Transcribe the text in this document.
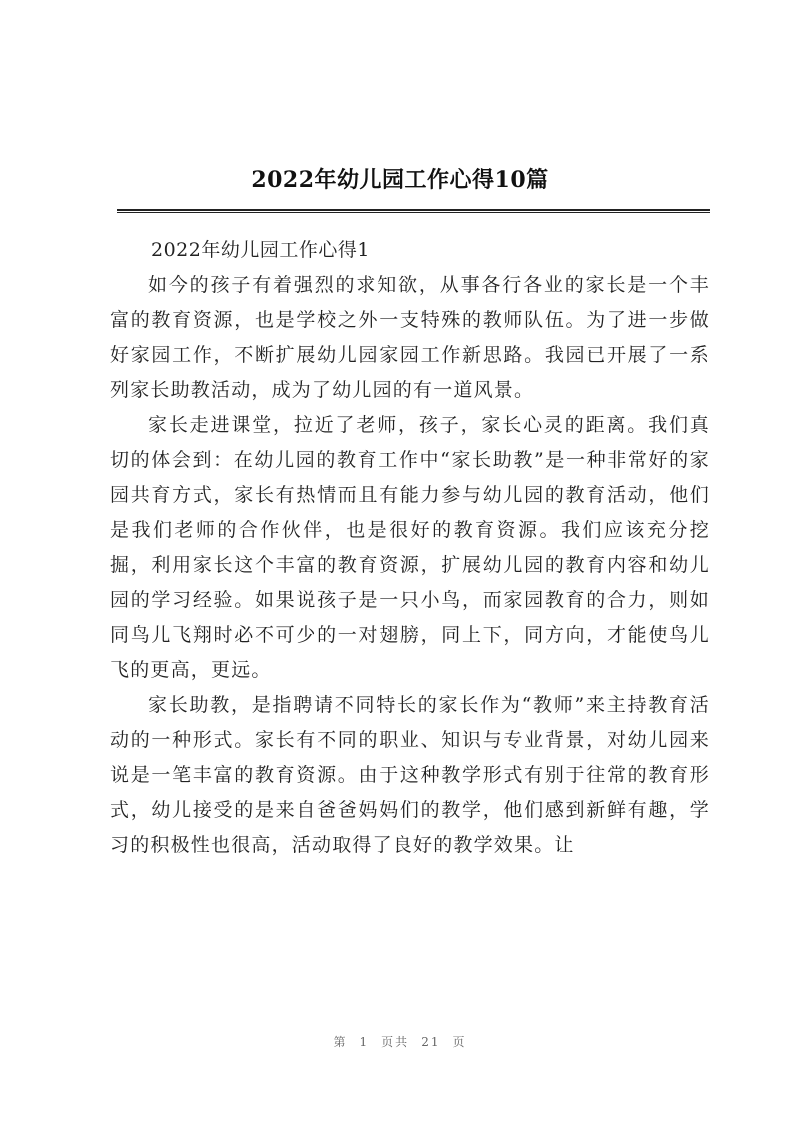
2022年幼儿园工作心得10篇
2022年幼儿园工作心得1

如今的孩子有着强烈的求知欲，从事各行各业的家长是一个丰富的教育资源，也是学校之外一支特殊的教师队伍。为了进一步做好家园工作，不断扩展幼儿园家园工作新思路。我园已开展了一系列家长助教活动，成为了幼儿园的有一道风景。

家长走进课堂，拉近了老师，孩子，家长心灵的距离。我们真切的体会到：在幼儿园的教育工作中“家长助教”是一种非常好的家园共育方式，家长有热情而且有能力参与幼儿园的教育活动，他们是我们老师的合作伙伴，也是很好的教育资源。我们应该充分挖掘，利用家长这个丰富的教育资源，扩展幼儿园的教育内容和幼儿园的学习经验。如果说孩子是一只小鸟，而家园教育的合力，则如同鸟儿飞翔时必不可少的一对翅膀，同上下，同方向，才能使鸟儿飞的更高，更远。

家长助教，是指聘请不同特长的家长作为“教师”来主持教育活动的一种形式。家长有不同的职业、知识与专业背景，对幼儿园来说是一笔丰富的教育资源。由于这种教学形式有别于往常的教育形式，幼儿接受的是来自爸爸妈妈们的教学，他们感到新鲜有趣，学习的积极性也很高，活动取得了良好的教学效果。让

第 1 页共 21 页
